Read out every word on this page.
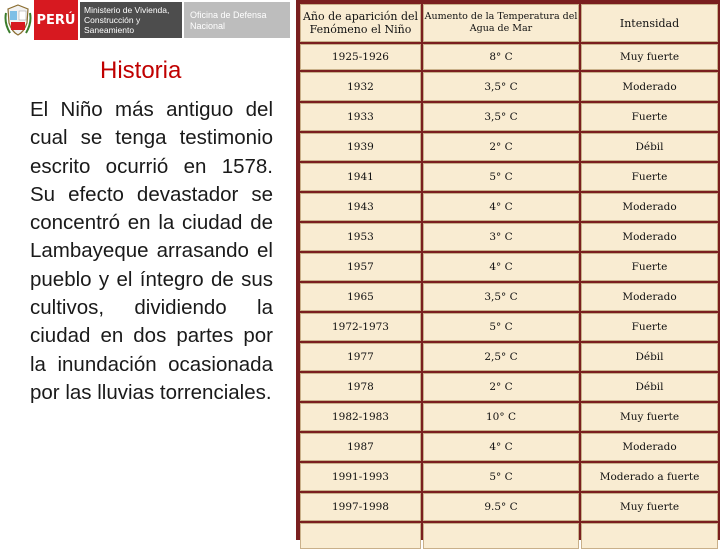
PERÚ
Ministerio de Vivienda, Construcción y Saneamiento
Oficina de Defensa Nacional
Historia
El Niño más antiguo del cual se tenga testimonio escrito ocurrió en 1578. Su efecto devastador se concentró en la ciudad de Lambayeque arrasando el pueblo y el íntegro de sus cultivos, dividiendo la ciudad en dos partes por la inundación ocasionada por las lluvias torrenciales.
Año de aparición del Fenómeno el Niño	Aumento de la Temperatura del Agua de Mar	Intensidad
1925-1926	8° C	Muy fuerte
1932	3,5° C	Moderado
1933	3,5° C	Fuerte
1939	2° C	Débil
1941	5° C	Fuerte
1943	4° C	Moderado
1953	3° C	Moderado
1957	4° C	Fuerte
1965	3,5° C	Moderado
1972-1973	5° C	Fuerte
1977	2,5° C	Débil
1978	2° C	Débil
1982-1983	10° C	Muy fuerte
1987	4° C	Moderado
1991-1993	5° C	Moderado a fuerte
1997-1998	9.5° C	Muy fuerte
